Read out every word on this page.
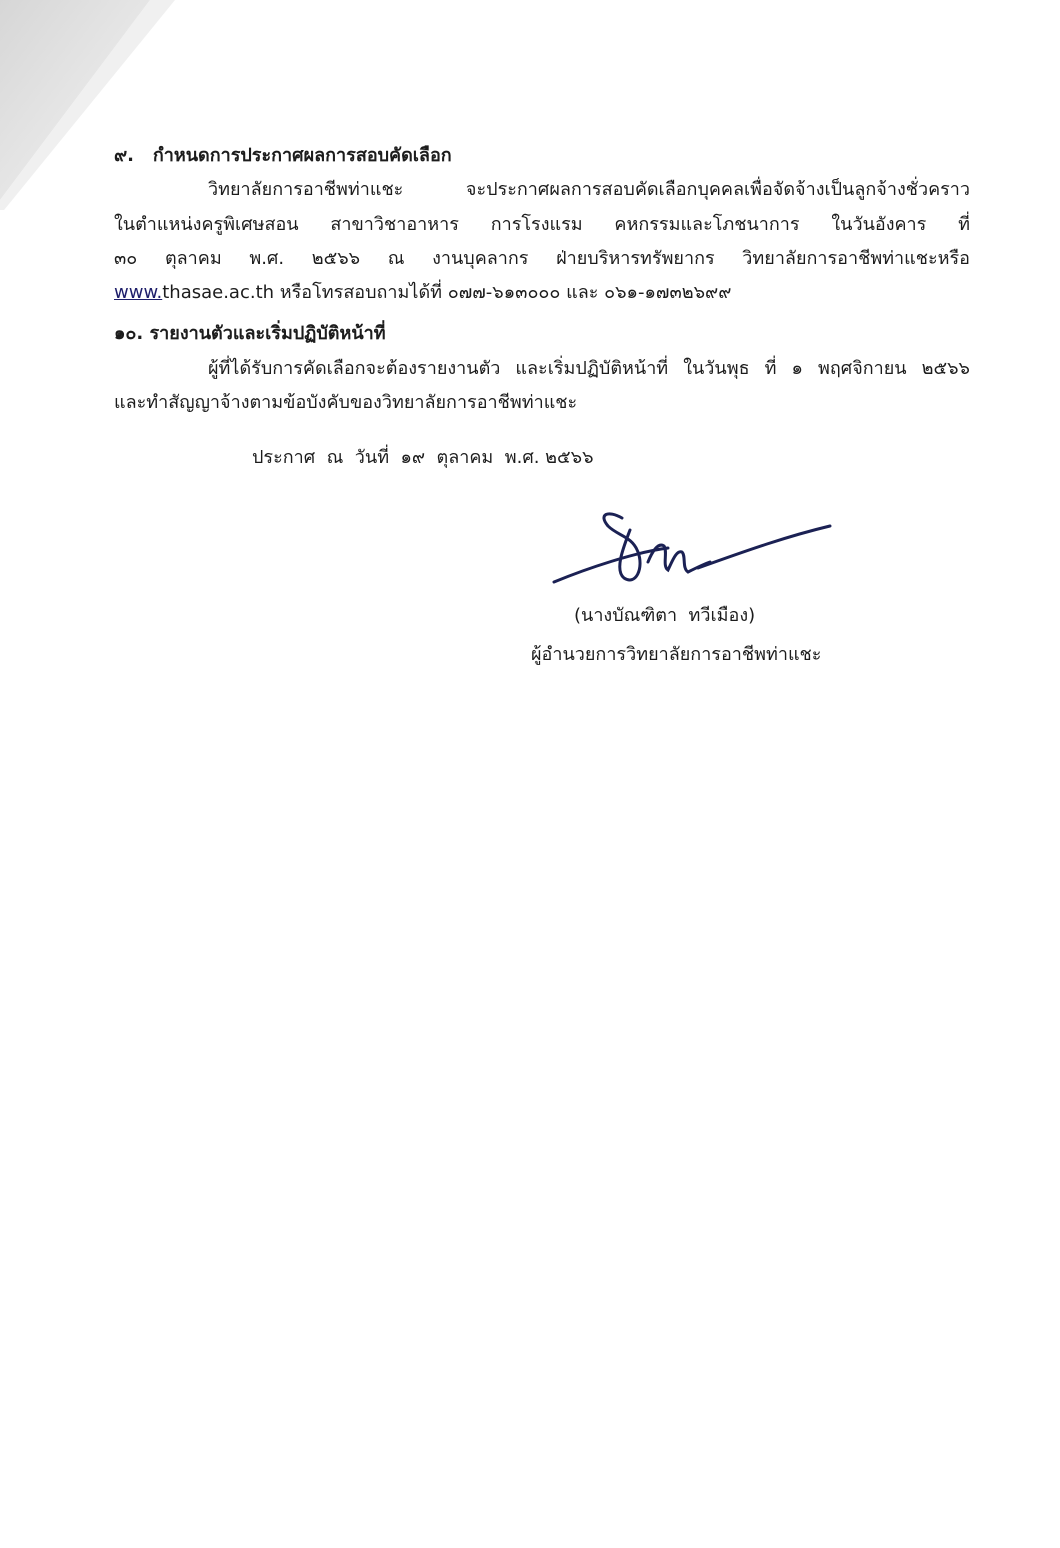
๙. กำหนดการประกาศผลการสอบคัดเลือก
วิทยาลัยการอาชีพท่าแชะ จะประกาศผลการสอบคัดเลือกบุคคลเพื่อจัดจ้างเป็นลูกจ้างชั่วคราว
ในตำแหน่งครูพิเศษสอน สาขาวิชาอาหาร การโรงแรม คหกรรมและโภชนาการ ในวันอังคาร ที่
๓๐ ตุลาคม พ.ศ. ๒๕๖๖ ณ งานบุคลากร ฝ่ายบริหารทรัพยากร วิทยาลัยการอาชีพท่าแชะหรือ
www.thasae.ac.th หรือโทรสอบถามได้ที่ ๐๗๗-๖๑๓๐๐๐ และ ๐๖๑-๑๗๓๒๖๙๙
๑๐. รายงานตัวและเริ่มปฏิบัติหน้าที่
ผู้ที่ได้รับการคัดเลือกจะต้องรายงานตัว และเริ่มปฏิบัติหน้าที่ ในวันพุธ ที่ ๑ พฤศจิกายน ๒๕๖๖
และทำสัญญาจ้างตามข้อบังคับของวิทยาลัยการอาชีพท่าแชะ
ประกาศ  ณ  วันที่  ๑๙  ตุลาคม  พ.ศ. ๒๕๖๖
(นางบัณฑิตา  ทวีเมือง)
ผู้อำนวยการวิทยาลัยการอาชีพท่าแชะ
